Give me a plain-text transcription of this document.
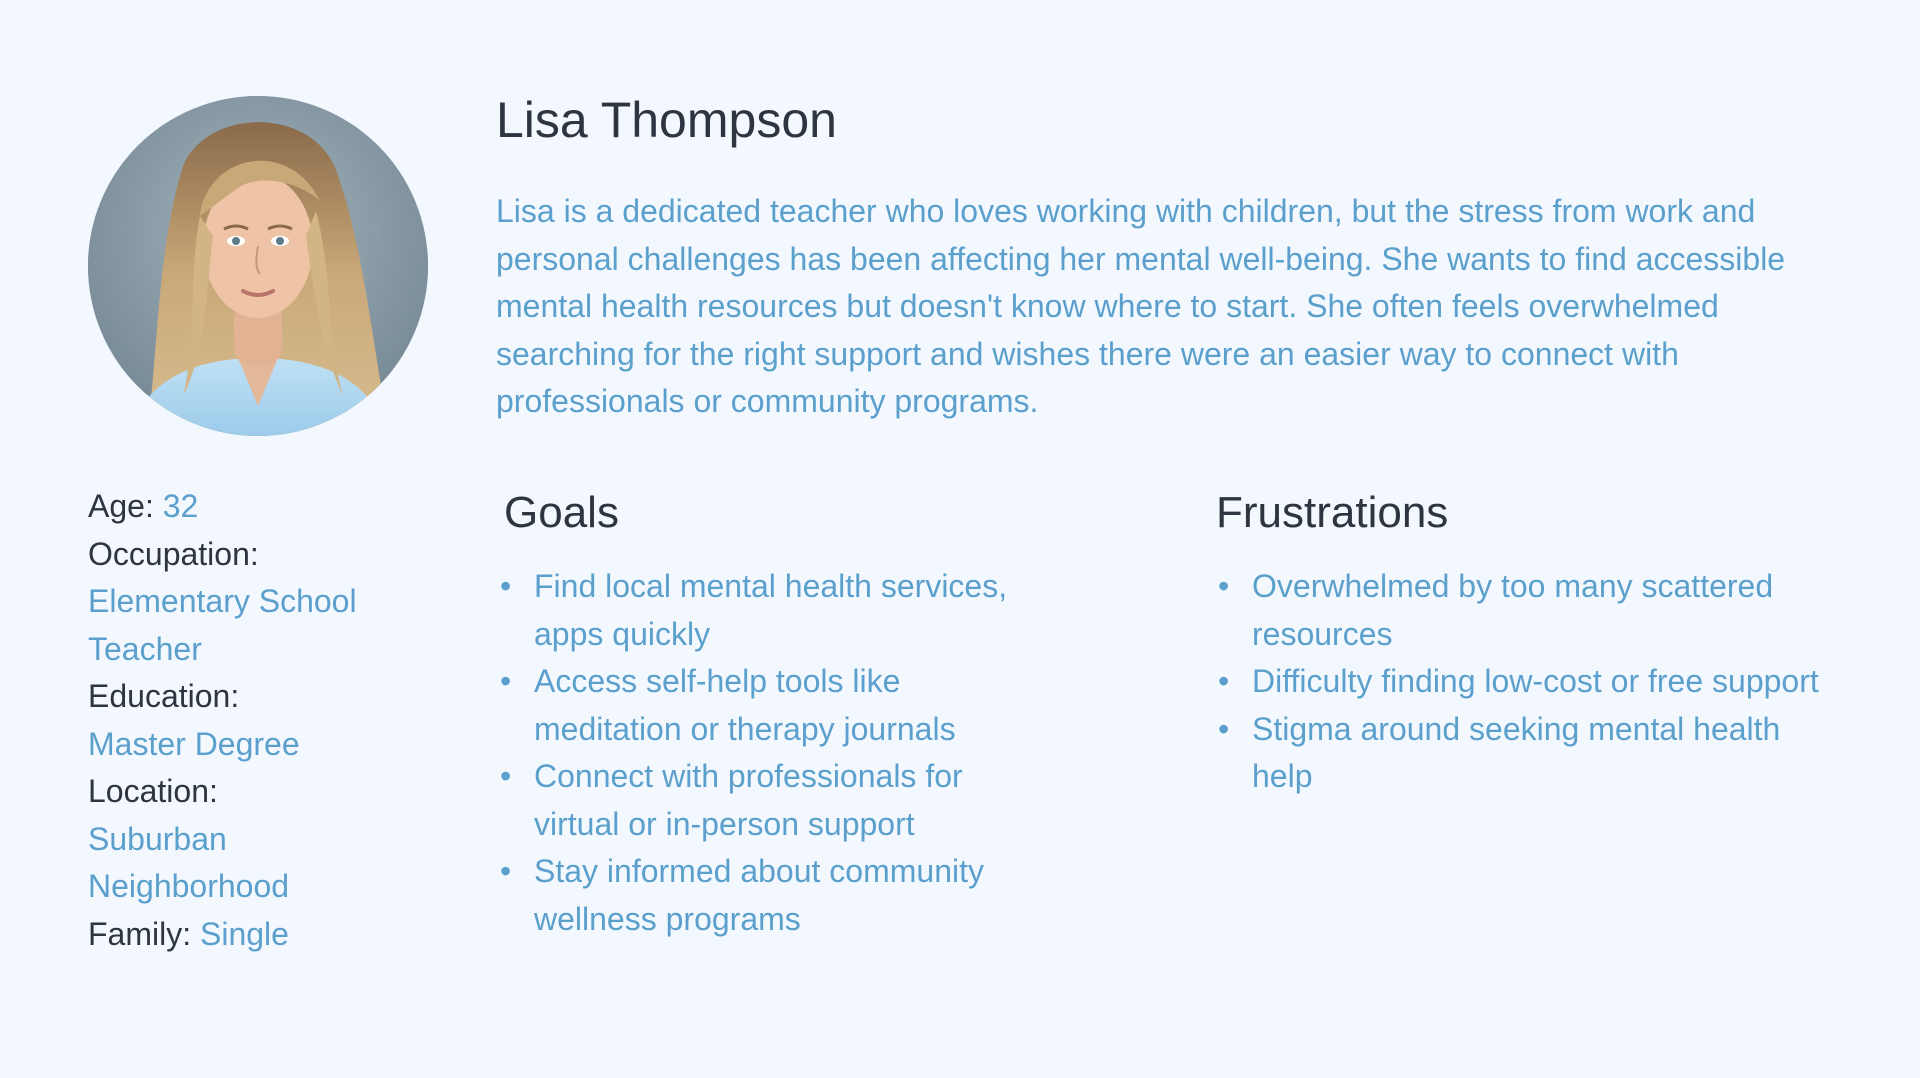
Lisa Thompson

Lisa is a dedicated teacher who loves working with children, but the stress from work and personal challenges has been affecting her mental well-being. She wants to find accessible mental health resources but doesn't know where to start. She often feels overwhelmed searching for the right support and wishes there were an easier way to connect with professionals or community programs.

Age: 32

Occupation:

Elementary School Teacher

Education:

Master Degree

Location:

Suburban Neighborhood

Family: Single

Goals
• Find local mental health services, apps quickly
• Access self-help tools like meditation or therapy journals
• Connect with professionals for virtual or in-person support
• Stay informed about community wellness programs
Frustrations
• Overwhelmed by too many scattered resources
• Difficulty finding low-cost or free support
• Stigma around seeking mental health help
